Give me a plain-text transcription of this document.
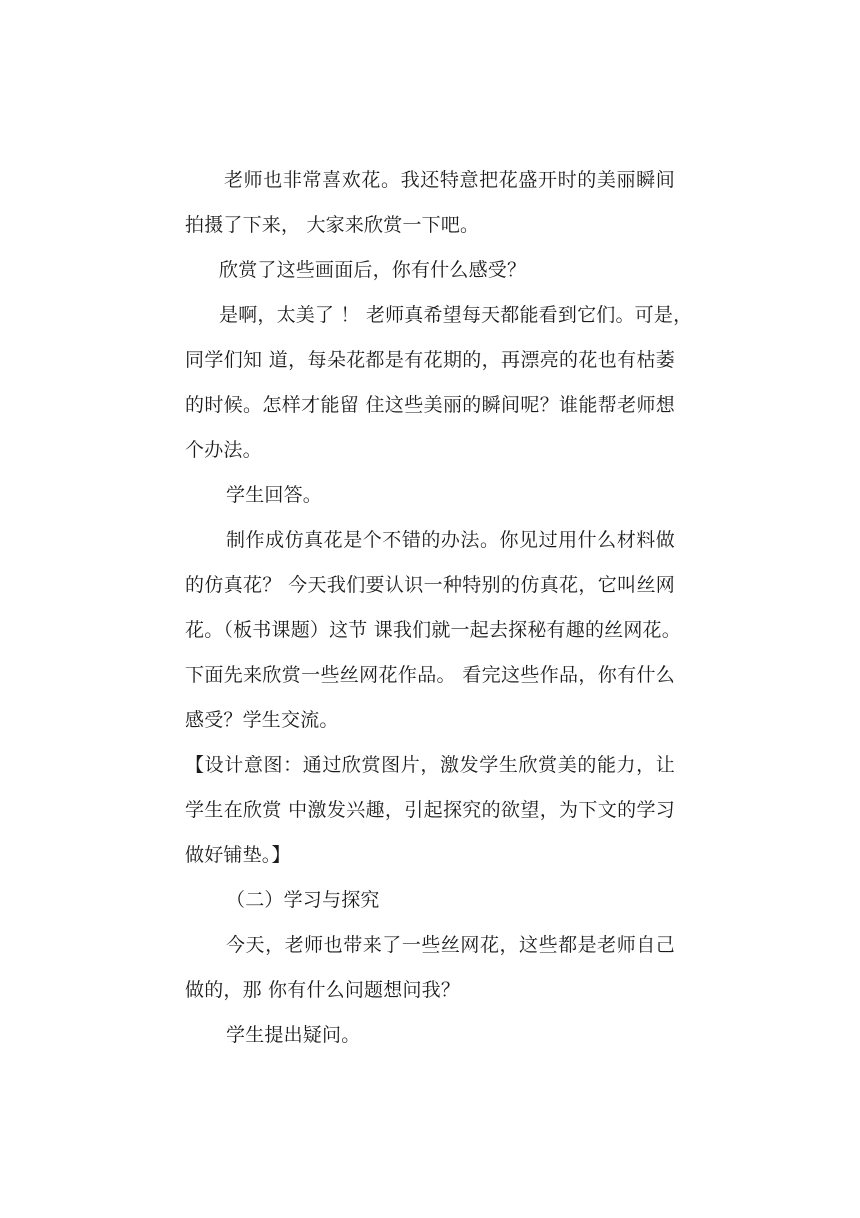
老师也非常喜欢花。我还特意把花盛开时的美丽瞬间
拍摄了下来， 大家来欣赏一下吧。
欣赏了这些画面后，你有什么感受？
是啊，太美了 ！ 老师真希望每天都能看到它们。可是，
同学们知 道，每朵花都是有花期的，再漂亮的花也有枯萎
的时候。怎样才能留 住这些美丽的瞬间呢？谁能帮老师想
个办法。
学生回答。
制作成仿真花是个不错的办法。你见过用什么材料做
的仿真花？ 今天我们要认识一种特别的仿真花，它叫丝网
花。（板书课题）这节 课我们就一起去探秘有趣的丝网花。
下面先来欣赏一些丝网花作品。 看完这些作品，你有什么
感受？学生交流。
【设计意图：通过欣赏图片，激发学生欣赏美的能力，让
学生在欣赏 中激发兴趣，引起探究的欲望，为下文的学习
做好铺垫。】
（二）学习与探究
今天，老师也带来了一些丝网花，这些都是老师自己
做的，那 你有什么问题想问我？
学生提出疑问。
